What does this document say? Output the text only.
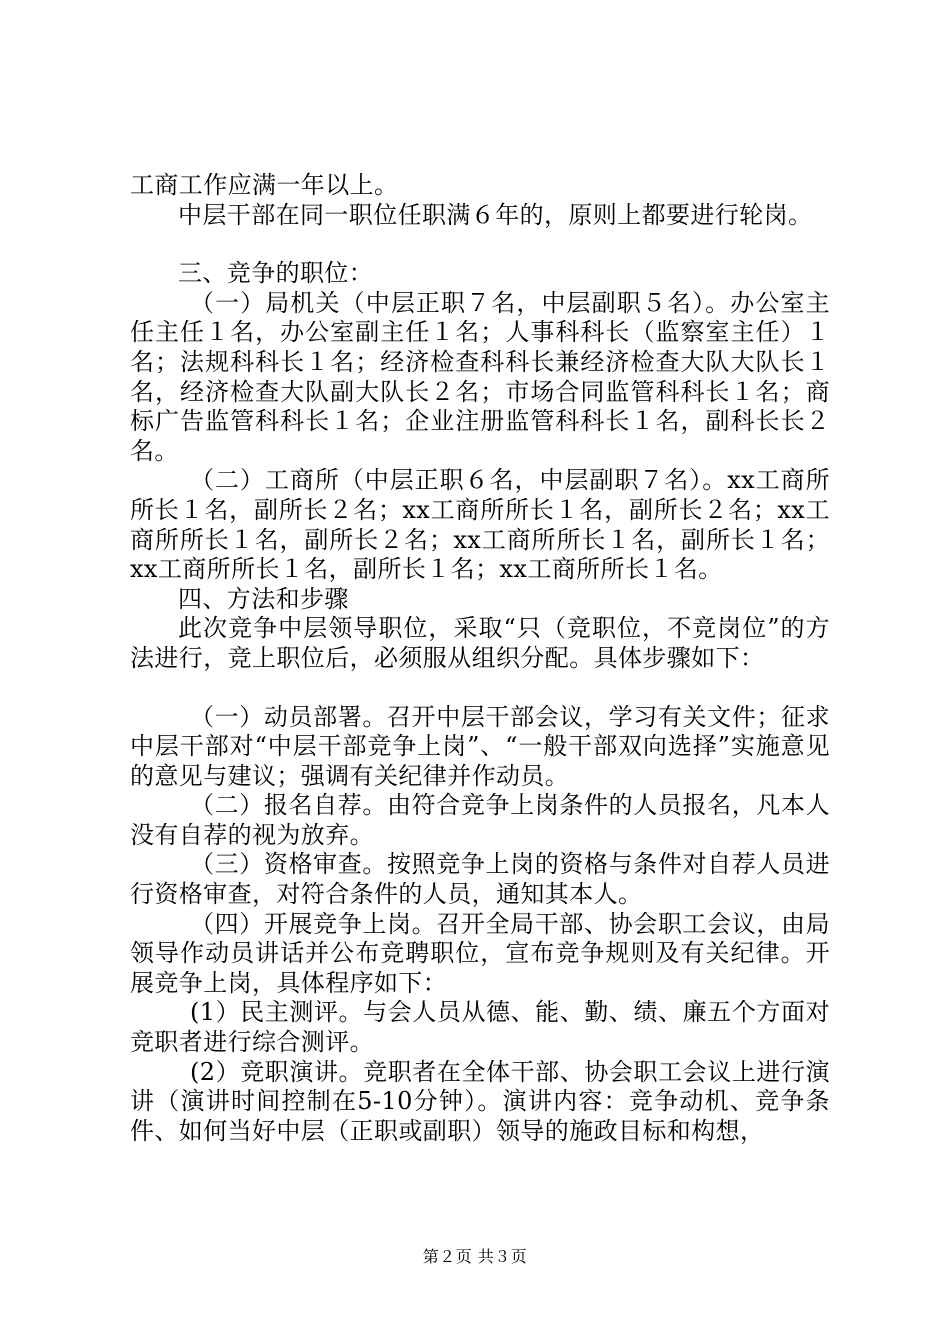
工商工作应满一年以上。

中层干部在同一职位任职满６年的，原则上都要进行轮岗。

三、竞争的职位：

（一）局机关（中层正职７名，中层副职５名）。办公室主任主任１名，办公室副主任１名；人事科科长（监察室主任）１名；法规科科长１名；经济检查科科长兼经济检查大队大队长１名，经济检查大队副大队长２名；市场合同监管科科长１名；商标广告监管科科长１名；企业注册监管科科长１名，副科长长２名。

（二）工商所（中层正职６名，中层副职７名）。xx工商所所长１名，副所长２名；xx工商所所长１名，副所长２名；xx工商所所长１名，副所长２名；xx工商所所长１名，副所长１名；xx工商所所长１名，副所长１名；xx工商所所长１名。

四、方法和步骤

此次竞争中层领导职位，采取“只（竞职位，不竞岗位”的方法进行，竞上职位后，必须服从组织分配。具体步骤如下：

（一）动员部署。召开中层干部会议，学习有关文件；征求中层干部对“中层干部竞争上岗”、“一般干部双向选择”实施意见的意见与建议；强调有关纪律并作动员。

（二）报名自荐。由符合竞争上岗条件的人员报名，凡本人没有自荐的视为放弃。

（三）资格审查。按照竞争上岗的资格与条件对自荐人员进行资格审查，对符合条件的人员，通知其本人。

（四）开展竞争上岗。召开全局干部、协会职工会议，由局领导作动员讲话并公布竞聘职位，宣布竞争规则及有关纪律。开展竞争上岗，具体程序如下：

(1）民主测评。与会人员从德、能、勤、绩、廉五个方面对竞职者进行综合测评。

(2）竞职演讲。竞职者在全体干部、协会职工会议上进行演讲（演讲时间控制在5-10分钟）。演讲内容：竞争动机、竞争条件、如何当好中层（正职或副职）领导的施政目标和构想，

第２页 共３页
